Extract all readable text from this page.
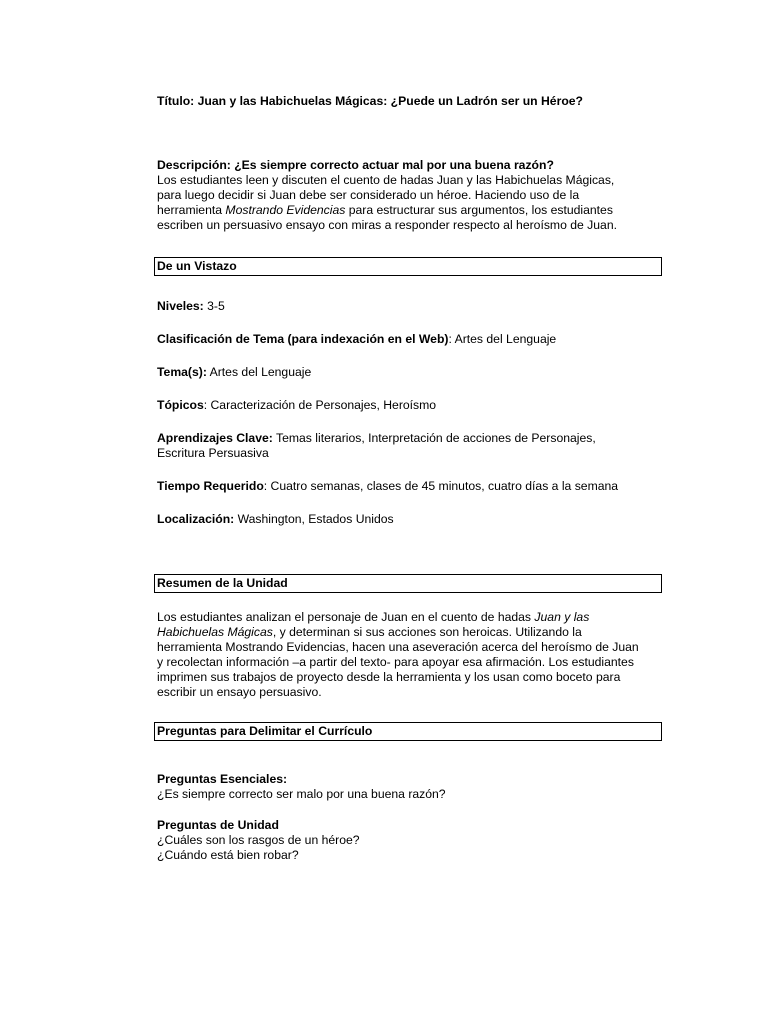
Título: Juan y las Habichuelas Mágicas: ¿Puede un Ladrón ser un Héroe?

Descripción: ¿Es siempre correcto actuar mal por una buena razón?

Los estudiantes leen y discuten el cuento de hadas Juan y las Habichuelas Mágicas,

para luego decidir si Juan debe ser considerado un héroe. Haciendo uso de la

herramienta Mostrando Evidencias para estructurar sus argumentos, los estudiantes

escriben un persuasivo ensayo con miras a responder respecto al heroísmo de Juan.

De un Vistazo

Niveles: 3-5

Clasificación de Tema (para indexación en el Web): Artes del Lenguaje

Tema(s): Artes del Lenguaje

Tópicos: Caracterización de Personajes, Heroísmo

Aprendizajes Clave: Temas literarios, Interpretación de acciones de Personajes,

Escritura Persuasiva

Tiempo Requerido: Cuatro semanas, clases de 45 minutos, cuatro días a la semana

Localización: Washington, Estados Unidos

Resumen de la Unidad

Los estudiantes analizan el personaje de Juan en el cuento de hadas Juan y las

Habichuelas Mágicas, y determinan si sus acciones son heroicas. Utilizando la

herramienta Mostrando Evidencias, hacen una aseveración acerca del heroísmo de Juan

y recolectan información –a partir del texto- para apoyar esa afirmación. Los estudiantes

imprimen sus trabajos de proyecto desde la herramienta y los usan como boceto para

escribir un ensayo persuasivo.

Preguntas para Delimitar el Currículo

Preguntas Esenciales:

¿Es siempre correcto ser malo por una buena razón?

Preguntas de Unidad

¿Cuáles son los rasgos de un héroe?

¿Cuándo está bien robar?
